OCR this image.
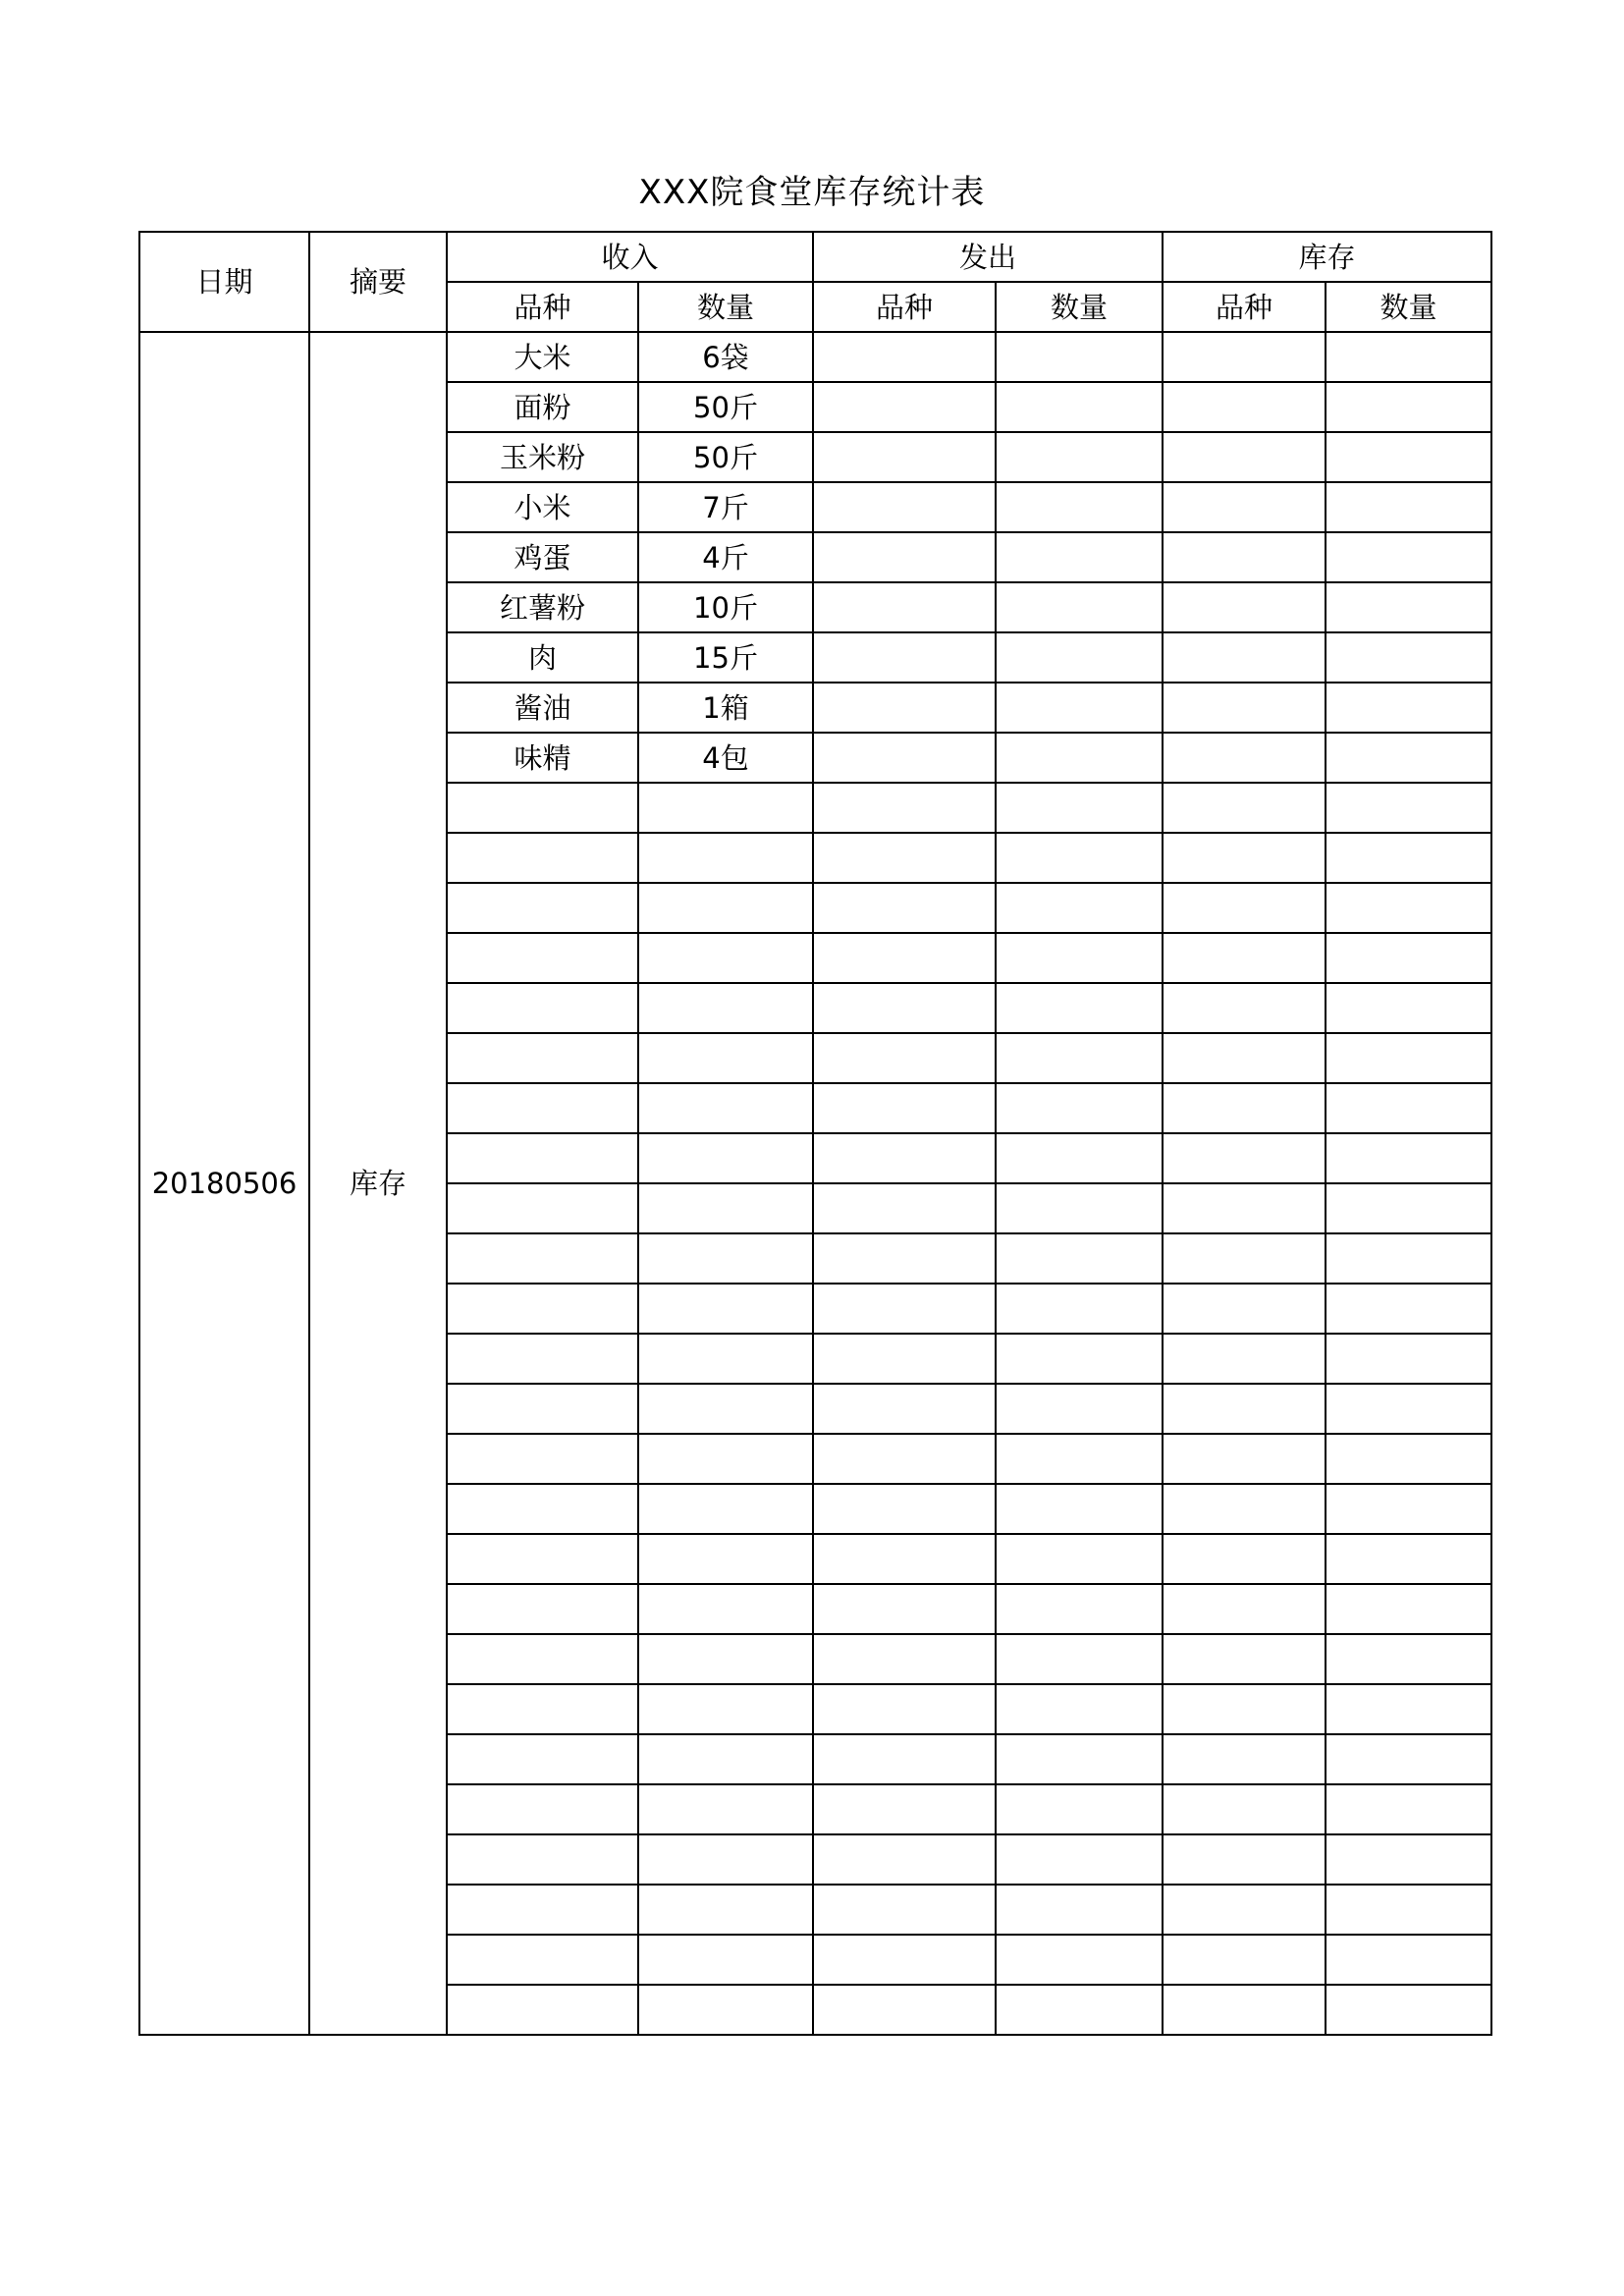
XXX院食堂库存统计表
日期	摘要	收入		发出		库存	
		品种	数量	品种	数量	品种	数量
20180506	库存	大米	6袋				
		面粉	50斤				
		玉米粉	50斤				
		小米	7斤				
		鸡蛋	4斤				
		红薯粉	10斤				
		肉	15斤				
		酱油	1箱				
		味精	4包				
